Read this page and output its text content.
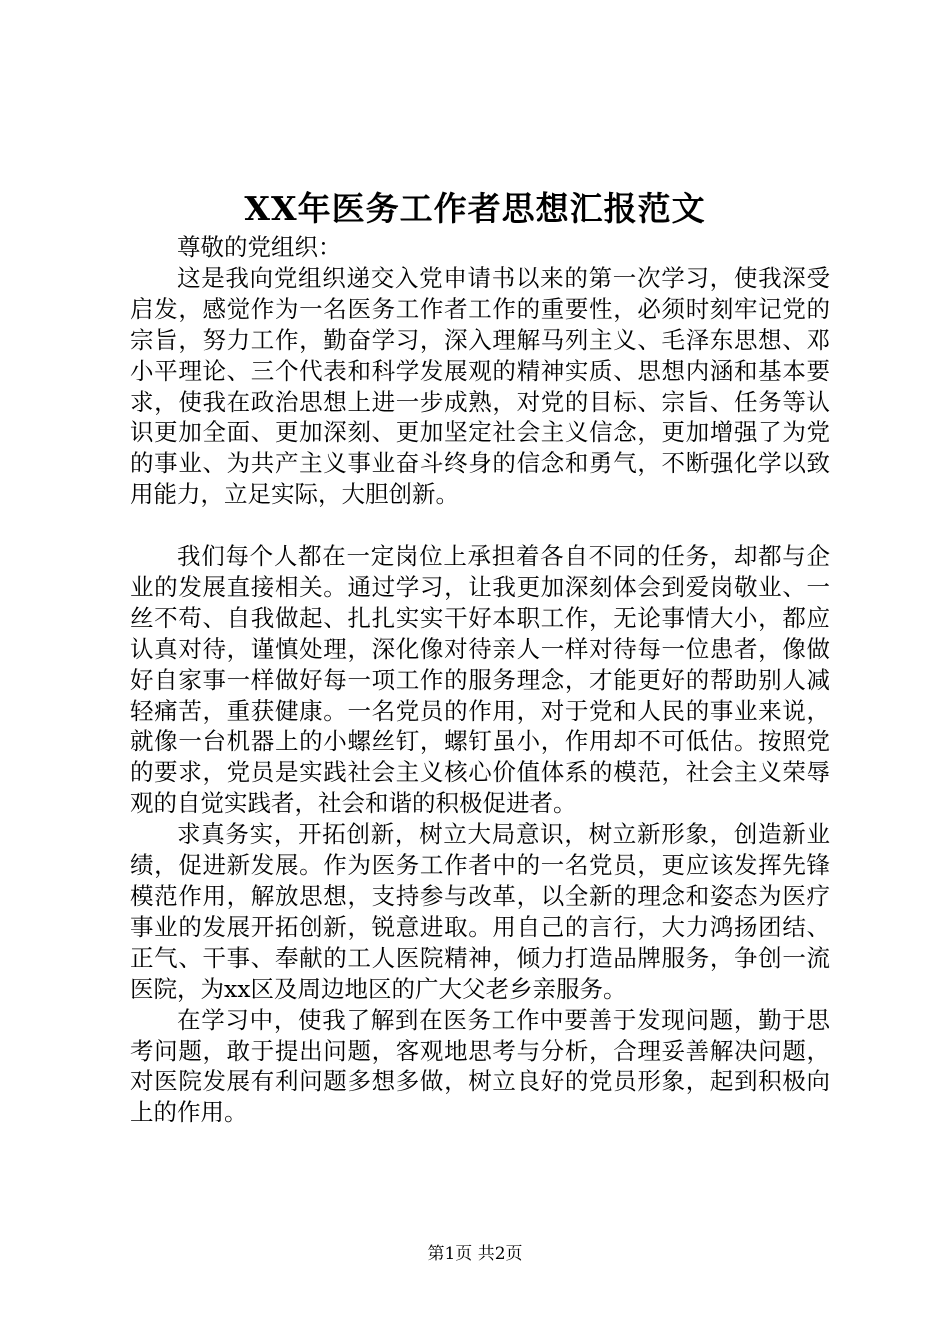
XX年医务工作者思想汇报范文

尊敬的党组织：

这是我向党组织递交入党申请书以来的第一次学习，使我深受启发，感觉作为一名医务工作者工作的重要性，必须时刻牢记党的宗旨，努力工作，勤奋学习，深入理解马列主义、毛泽东思想、邓小平理论、三个代表和科学发展观的精神实质、思想内涵和基本要求，使我在政治思想上进一步成熟，对党的目标、宗旨、任务等认识更加全面、更加深刻、更加坚定社会主义信念，更加增强了为党的事业、为共产主义事业奋斗终身的信念和勇气，不断强化学以致用能力，立足实际，大胆创新。

我们每个人都在一定岗位上承担着各自不同的任务，却都与企业的发展直接相关。通过学习，让我更加深刻体会到爱岗敬业、一丝不苟、自我做起、扎扎实实干好本职工作，无论事情大小，都应认真对待，谨慎处理，深化像对待亲人一样对待每一位患者，像做好自家事一样做好每一项工作的服务理念，才能更好的帮助别人减轻痛苦，重获健康。一名党员的作用，对于党和人民的事业来说，就像一台机器上的小螺丝钉，螺钉虽小，作用却不可低估。按照党的要求，党员是实践社会主义核心价值体系的模范，社会主义荣辱观的自觉实践者，社会和谐的积极促进者。

求真务实，开拓创新，树立大局意识，树立新形象，创造新业绩，促进新发展。作为医务工作者中的一名党员，更应该发挥先锋模范作用，解放思想，支持参与改革，以全新的理念和姿态为医疗事业的发展开拓创新，锐意进取。用自己的言行，大力鸿扬团结、正气、干事、奉献的工人医院精神，倾力打造品牌服务，争创一流医院，为xx区及周边地区的广大父老乡亲服务。

在学习中，使我了解到在医务工作中要善于发现问题，勤于思考问题，敢于提出问题，客观地思考与分析，合理妥善解决问题，对医院发展有利问题多想多做，树立良好的党员形象，起到积极向上的作用。

第1页 共2页
